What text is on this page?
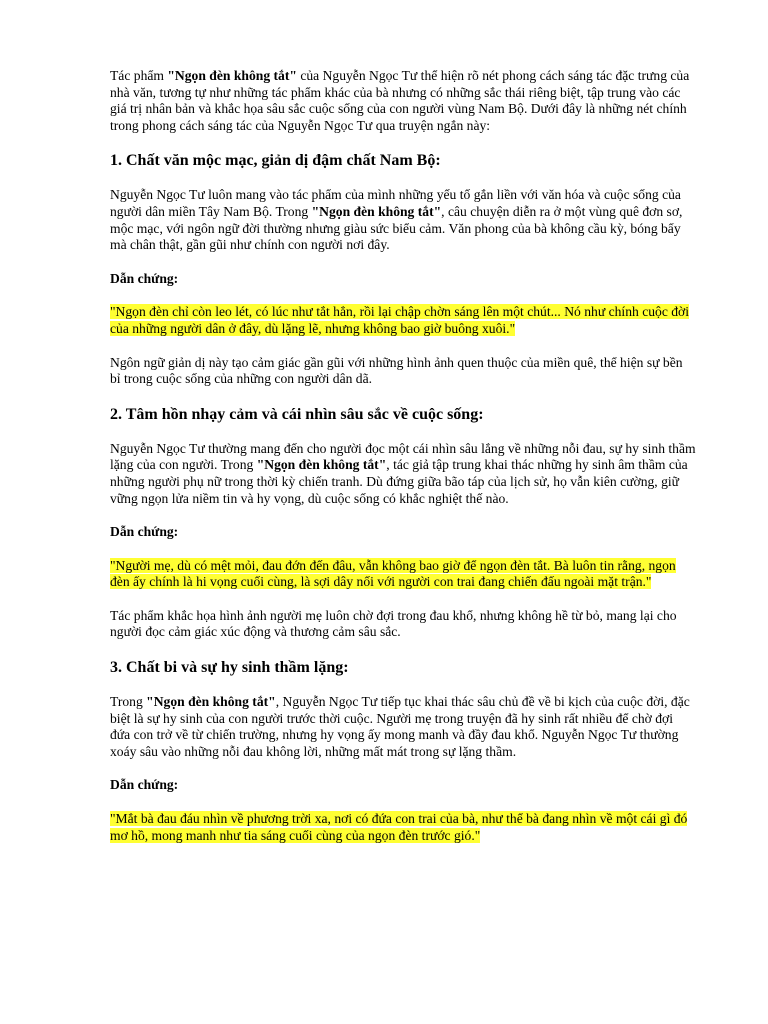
Tác phẩm "Ngọn đèn không tắt" của Nguyễn Ngọc Tư thể hiện rõ nét phong cách sáng tác đặc trưng của nhà văn, tương tự như những tác phẩm khác của bà nhưng có những sắc thái riêng biệt, tập trung vào các giá trị nhân bản và khắc họa sâu sắc cuộc sống của con người vùng Nam Bộ. Dưới đây là những nét chính trong phong cách sáng tác của Nguyễn Ngọc Tư qua truyện ngắn này:

1. Chất văn mộc mạc, giản dị đậm chất Nam Bộ:

Nguyễn Ngọc Tư luôn mang vào tác phẩm của mình những yếu tố gắn liền với văn hóa và cuộc sống của người dân miền Tây Nam Bộ. Trong "Ngọn đèn không tắt", câu chuyện diễn ra ở một vùng quê đơn sơ, mộc mạc, với ngôn ngữ đời thường nhưng giàu sức biểu cảm. Văn phong của bà không cầu kỳ, bóng bẩy mà chân thật, gần gũi như chính con người nơi đây.

Dẫn chứng:

"Ngọn đèn chỉ còn leo lét, có lúc như tắt hẳn, rồi lại chập chờn sáng lên một chút... Nó như chính cuộc đời của những người dân ở đây, dù lặng lẽ, nhưng không bao giờ buông xuôi."

Ngôn ngữ giản dị này tạo cảm giác gần gũi với những hình ảnh quen thuộc của miền quê, thể hiện sự bền bỉ trong cuộc sống của những con người dân dã.

2. Tâm hồn nhạy cảm và cái nhìn sâu sắc về cuộc sống:

Nguyễn Ngọc Tư thường mang đến cho người đọc một cái nhìn sâu lắng về những nỗi đau, sự hy sinh thầm lặng của con người. Trong "Ngọn đèn không tắt", tác giả tập trung khai thác những hy sinh âm thầm của những người phụ nữ trong thời kỳ chiến tranh. Dù đứng giữa bão táp của lịch sử, họ vẫn kiên cường, giữ vững ngọn lửa niềm tin và hy vọng, dù cuộc sống có khắc nghiệt thế nào.

Dẫn chứng:

"Người mẹ, dù có mệt mỏi, đau đớn đến đâu, vẫn không bao giờ để ngọn đèn tắt. Bà luôn tin rằng, ngọn đèn ấy chính là hi vọng cuối cùng, là sợi dây nối với người con trai đang chiến đấu ngoài mặt trận."

Tác phẩm khắc họa hình ảnh người mẹ luôn chờ đợi trong đau khổ, nhưng không hề từ bỏ, mang lại cho người đọc cảm giác xúc động và thương cảm sâu sắc.

3. Chất bi và sự hy sinh thầm lặng:

Trong "Ngọn đèn không tắt", Nguyễn Ngọc Tư tiếp tục khai thác sâu chủ đề về bi kịch của cuộc đời, đặc biệt là sự hy sinh của con người trước thời cuộc. Người mẹ trong truyện đã hy sinh rất nhiều để chờ đợi đứa con trở về từ chiến trường, nhưng hy vọng ấy mong manh và đầy đau khổ. Nguyễn Ngọc Tư thường xoáy sâu vào những nỗi đau không lời, những mất mát trong sự lặng thầm.

Dẫn chứng:

"Mắt bà đau đáu nhìn về phương trời xa, nơi có đứa con trai của bà, như thể bà đang nhìn về một cái gì đó mơ hồ, mong manh như tia sáng cuối cùng của ngọn đèn trước gió."
